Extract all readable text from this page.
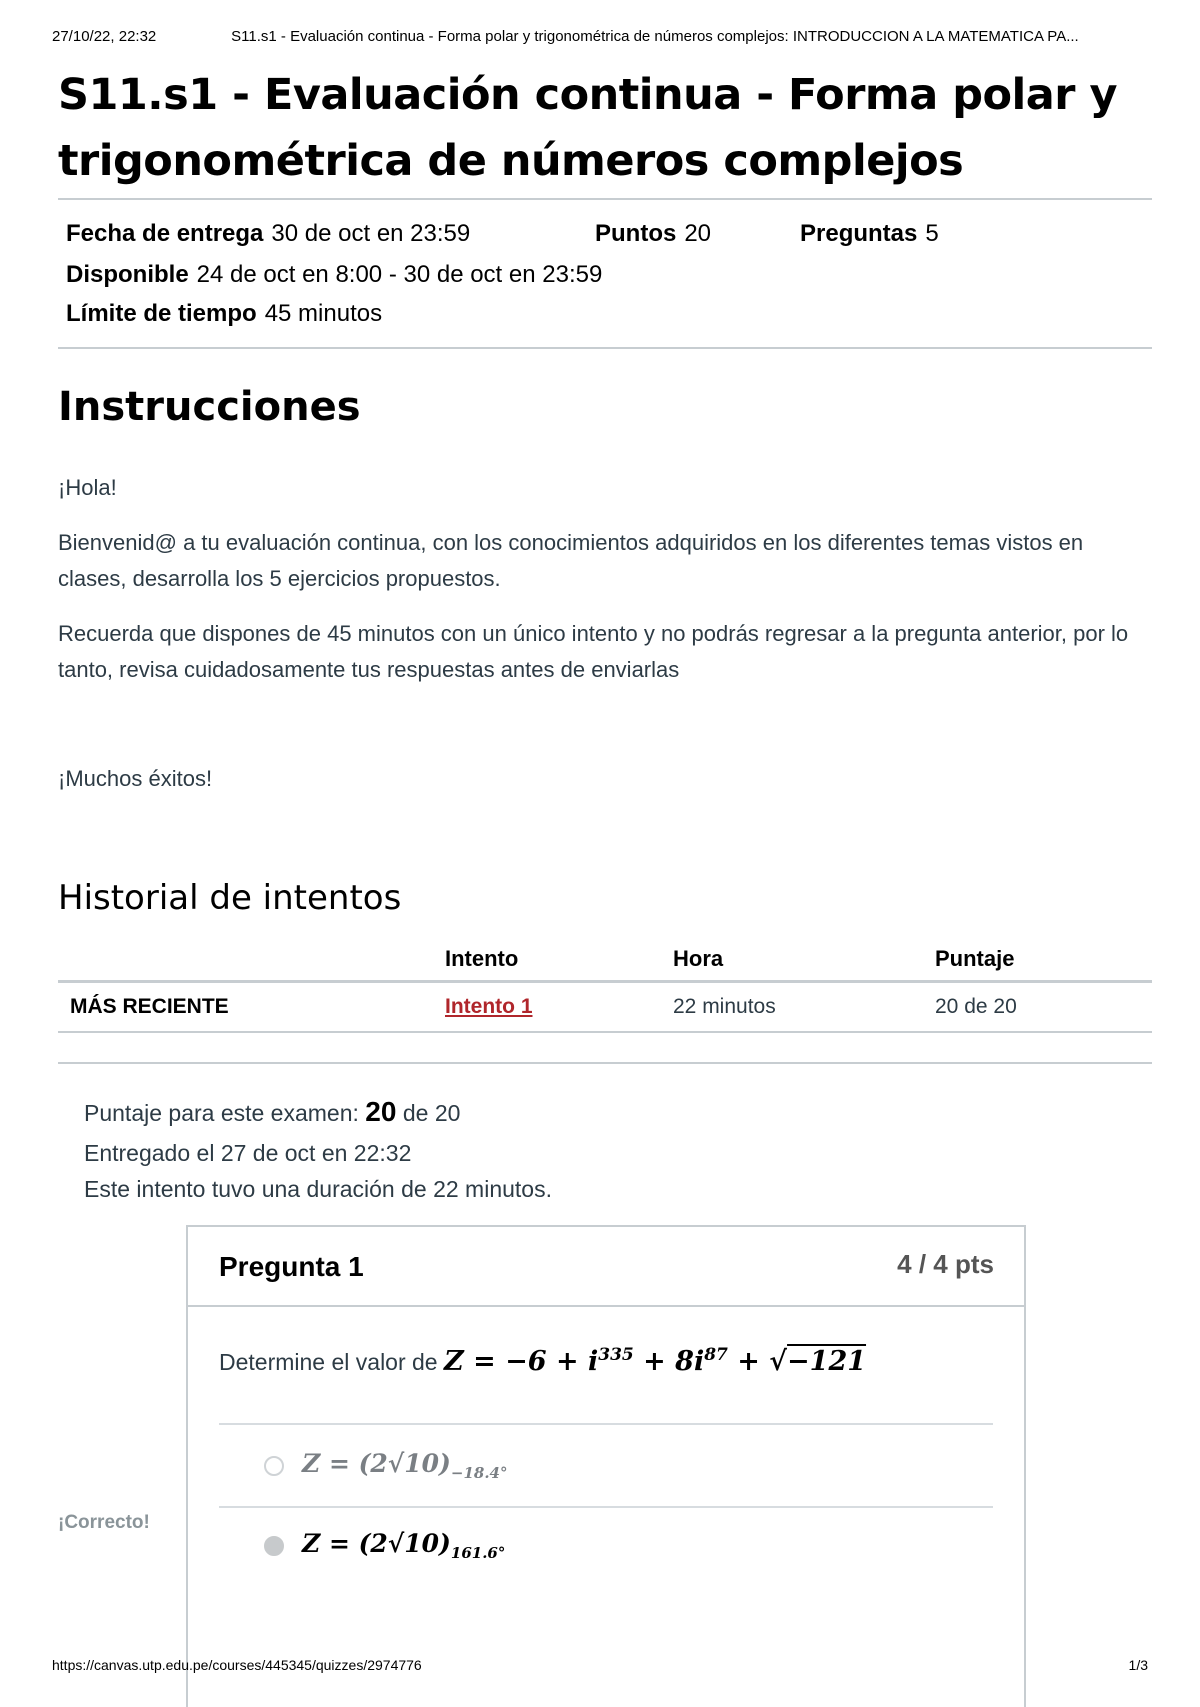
27/10/22, 22:32	S11.s1 - Evaluación continua - Forma polar y trigonométrica de números complejos: INTRODUCCION A LA MATEMATICA PA...
S11.s1 - Evaluación continua - Forma polar y trigonométrica de números complejos
Fecha de entrega 30 de oct en 23:59	Puntos 20	Preguntas 5
Disponible 24 de oct en 8:00 - 30 de oct en 23:59
Límite de tiempo 45 minutos
Instrucciones
¡Hola!
Bienvenid@ a tu evaluación continua, con los conocimientos adquiridos en los diferentes temas vistos en clases, desarrolla los 5 ejercicios propuestos.
Recuerda que dispones de 45 minutos con un único intento y no podrás regresar a la pregunta anterior, por lo tanto, revisa cuidadosamente tus respuestas antes de enviarlas
¡Muchos éxitos!
Historial de intentos
	Intento	Hora	Puntaje
MÁS RECIENTE	Intento 1	22 minutos	20 de 20
Puntaje para este examen: 20 de 20
Entregado el 27 de oct en 22:32
Este intento tuvo una duración de 22 minutos.
Pregunta 1	4 / 4 pts
Determine el valor de $Z = -6 + i^{335} + 8i^{87} + √-121$
$Z = (2√10)_{-18.4^\circ}$
$Z = (2√10)_{161.6^\circ}$
¡Correcto!
https://canvas.utp.edu.pe/courses/445345/quizzes/2974776	1/3
